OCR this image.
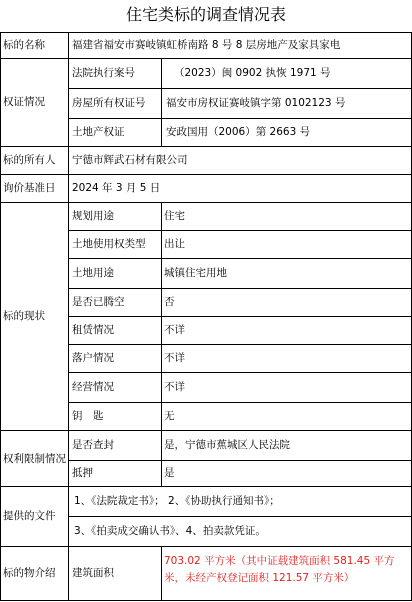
住宅类标的调查情况表
标的名称	福建省福安市赛岐镇虹桥南路 8 号 8 层房地产及家具家电
权证情况
法院执行案号	（2023）闽 0902 执恢 1971 号
房屋所有权证号 福安市房权证赛岐镇字第 0102123 号
土地产权证	安政国用（2006）第 2663 号
标的所有人 宁德市辉武石材有限公司
询价基准日 2024 年 3 月 5 日
标的现状
规划用途	住宅
土地使用权类型 出让
土地用途	城镇住宅用地
是否已腾空	否
租赁情况	不详
落户情况	不详
经营情况	不详
钥　匙	无
权利限制情况
是否查封	是，宁德市蕉城区人民法院
抵押	是
提供的文件
1、《法院裁定书》； 2、《协助执行通知书》；
3、《拍卖成交确认书》、4、拍卖款凭证。
标的物介绍 建筑面积
703.02 平方米（其中证载建筑面积 581.45 平方米，未经产权登记面积 121.57 平方米）
